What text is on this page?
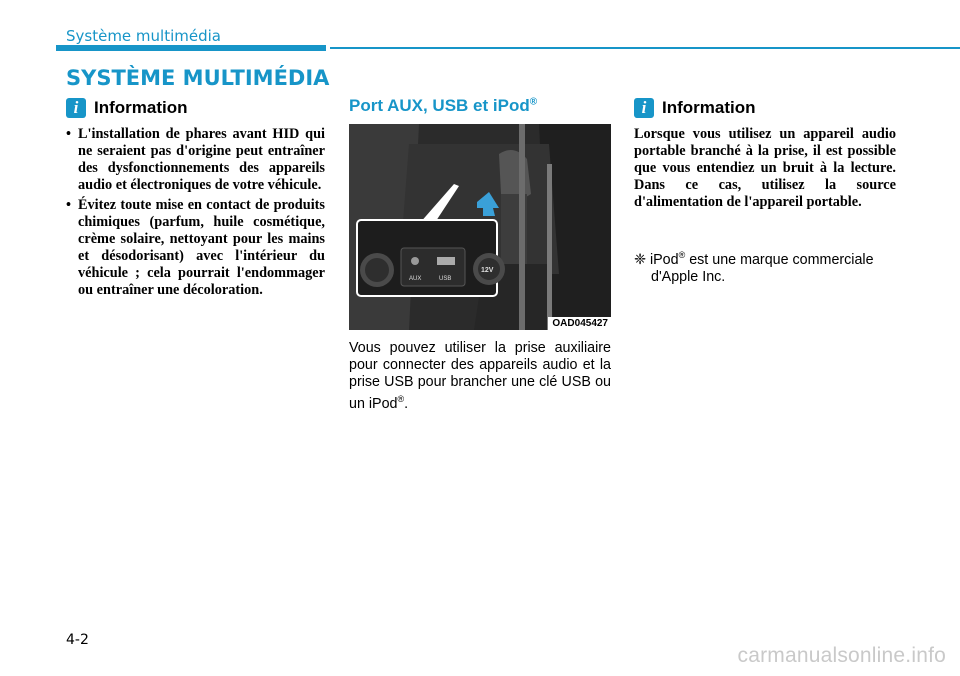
Système multimédia
SYSTÈME MULTIMÉDIA
i Information
• L'installation de phares avant HID qui ne seraient pas d'origine peut entraîner des dysfonctionnements des appareils audio et électroniques de votre véhicule.
• Évitez toute mise en contact de produits chimiques (parfum, huile cosmétique, crème solaire, nettoyant pour les mains et désodorisant) avec l'intérieur du véhicule ; cela pourrait l'endommager ou entraîner une décoloration.
Port AUX, USB et iPod®
AUX	USB
12V
OAD045427
Vous pouvez utiliser la prise auxiliaire pour connecter des appareils audio et la prise USB pour brancher une clé USB ou un iPod®.
i Information
Lorsque vous utilisez un appareil audio portable branché à la prise, il est possible que vous entendiez un bruit à la lecture. Dans ce cas, utilisez la source d'alimentation de l'appareil portable.
❈ iPod® est une marque commerciale d'Apple Inc.
4-2
carmanualsonline.info
